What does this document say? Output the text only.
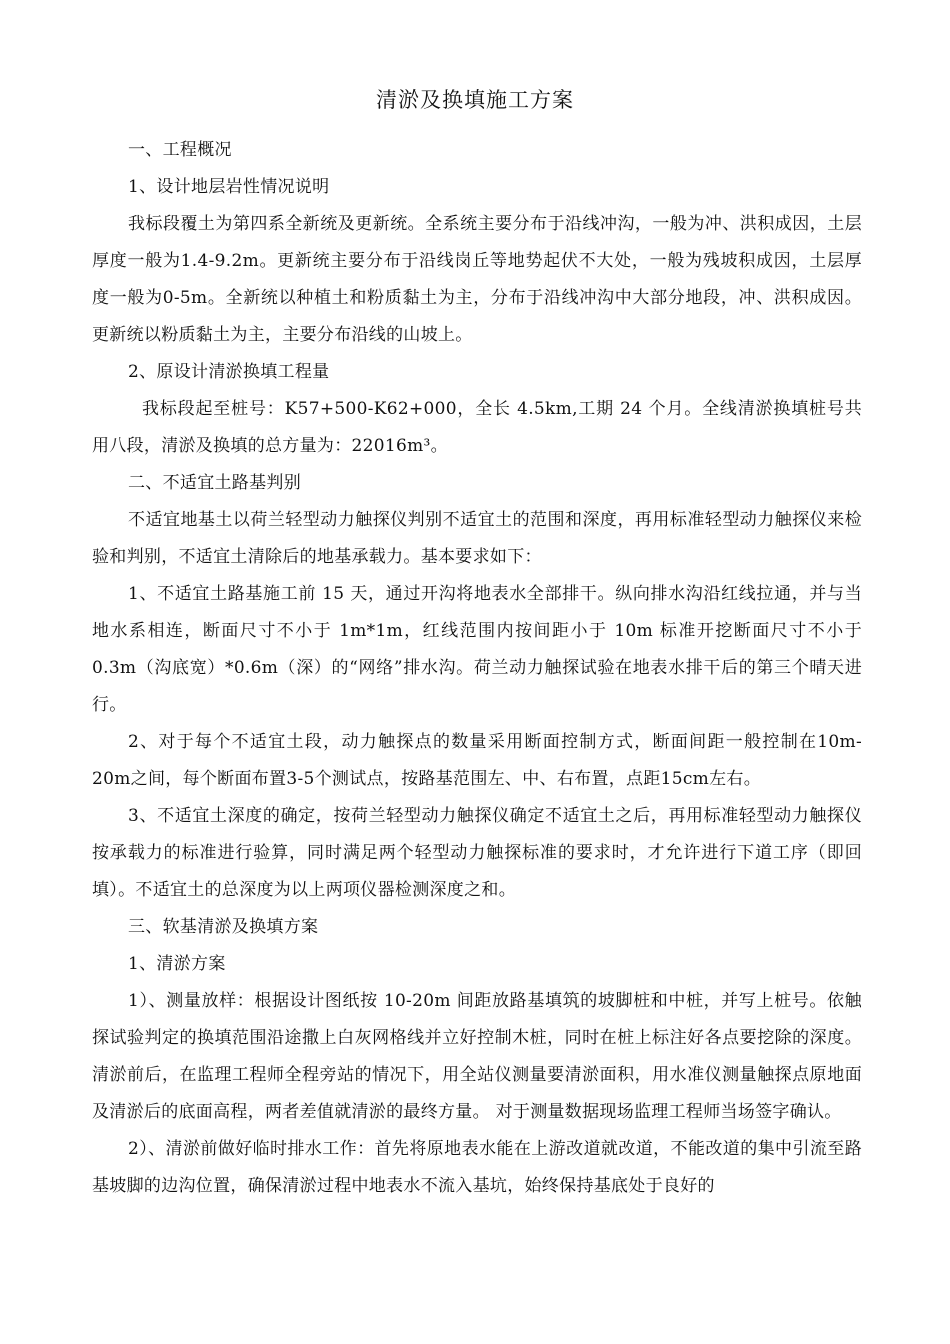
清淤及换填施工方案

一、工程概况

1、设计地层岩性情况说明

我标段覆土为第四系全新统及更新统。全系统主要分布于沿线冲沟，一般为冲、洪积成因，土层厚度一般为1.4-9.2m。更新统主要分布于沿线岗丘等地势起伏不大处，一般为残坡积成因，土层厚度一般为0-5m。全新统以种植土和粉质黏土为主，分布于沿线冲沟中大部分地段，冲、洪积成因。更新统以粉质黏土为主，主要分布沿线的山坡上。

2、原设计清淤换填工程量

我标段起至桩号：K57+500-K62+000，全长 4.5km,工期 24 个月。全线清淤换填桩号共用八段，清淤及换填的总方量为：22016m³。

二、不适宜土路基判别

不适宜地基土以荷兰轻型动力触探仪判别不适宜土的范围和深度，再用标准轻型动力触探仪来检验和判别，不适宜土清除后的地基承载力。基本要求如下：

1、不适宜土路基施工前 15 天，通过开沟将地表水全部排干。纵向排水沟沿红线拉通，并与当地水系相连，断面尺寸不小于 1m*1m，红线范围内按间距小于 10m 标准开挖断面尺寸不小于 0.3m（沟底宽）*0.6m（深）的“网络”排水沟。荷兰动力触探试验在地表水排干后的第三个晴天进行。

2、对于每个不适宜土段，动力触探点的数量采用断面控制方式，断面间距一般控制在10m-20m之间，每个断面布置3-5个测试点，按路基范围左、中、右布置，点距15cm左右。

3、不适宜土深度的确定，按荷兰轻型动力触探仪确定不适宜土之后，再用标准轻型动力触探仪按承载力的标准进行验算，同时满足两个轻型动力触探标准的要求时，才允许进行下道工序（即回填）。不适宜土的总深度为以上两项仪器检测深度之和。

三、软基清淤及换填方案

1、清淤方案

1）、测量放样：根据设计图纸按 10-20m 间距放路基填筑的坡脚桩和中桩，并写上桩号。依触探试验判定的换填范围沿途撒上白灰网格线并立好控制木桩，同时在桩上标注好各点要挖除的深度。清淤前后，在监理工程师全程旁站的情况下，用全站仪测量要清淤面积，用水准仪测量触探点原地面及清淤后的底面高程，两者差值就清淤的最终方量。 对于测量数据现场监理工程师当场签字确认。

2）、清淤前做好临时排水工作：首先将原地表水能在上游改道就改道，不能改道的集中引流至路基坡脚的边沟位置，确保清淤过程中地表水不流入基坑，始终保持基底处于良好的
